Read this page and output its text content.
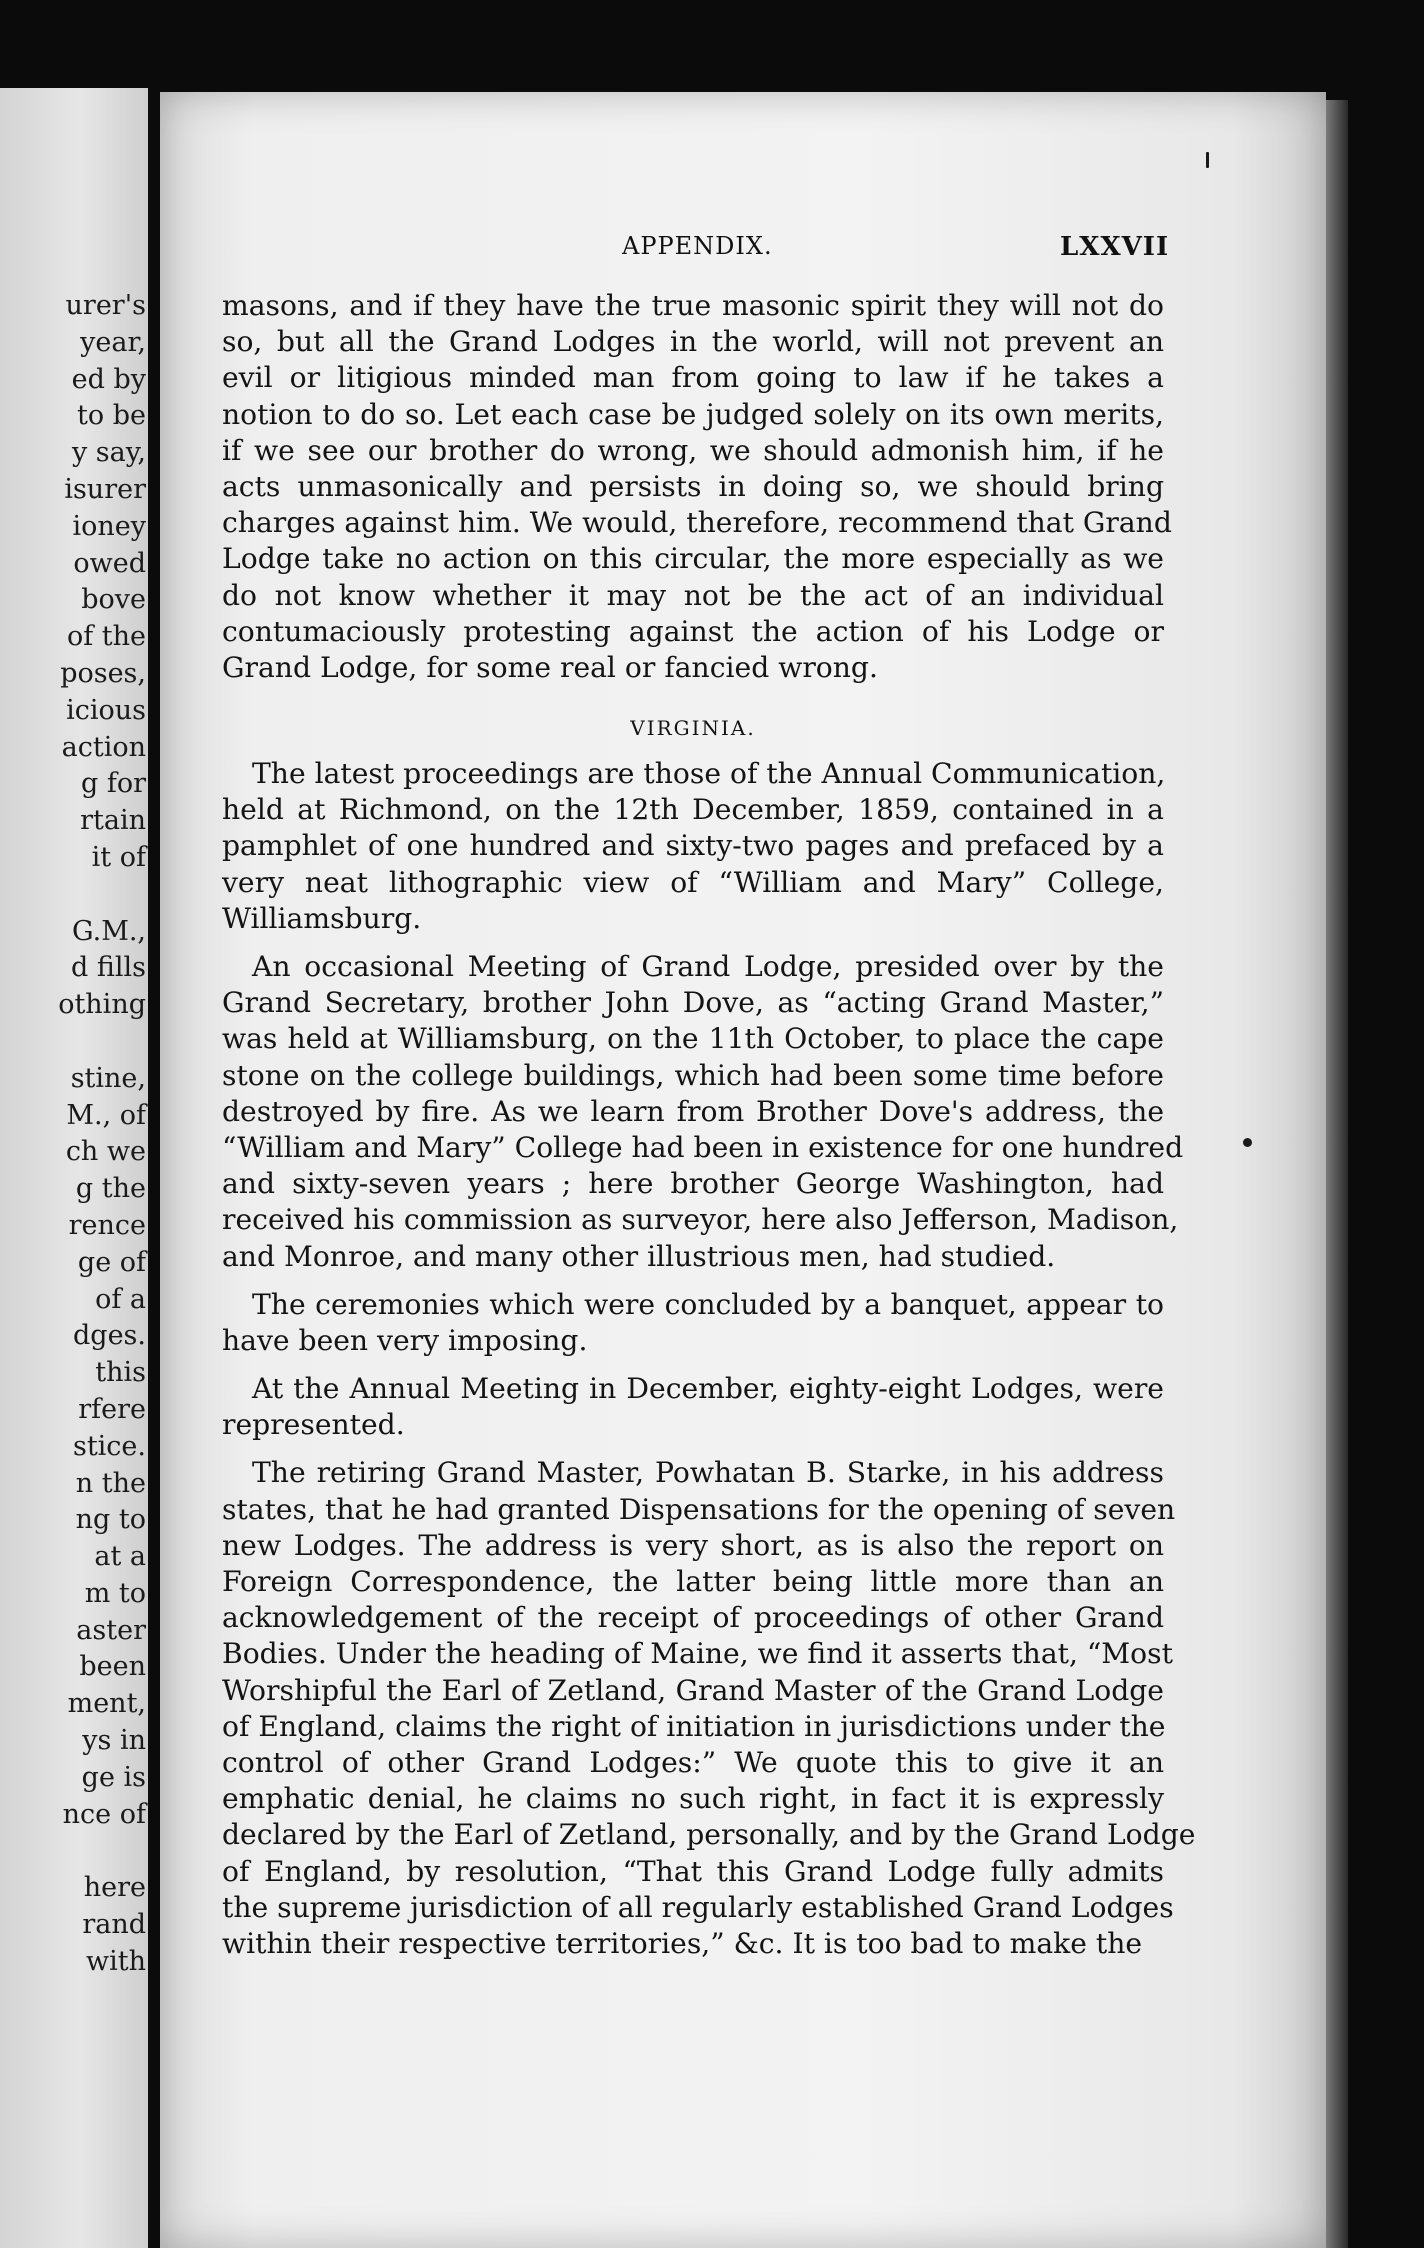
urer's
year,
ed by
to be
y say,
isurer
ioney
owed
bove
of the
poses,
icious
action
g for
rtain
it of
G.M.,
d fills
othing
stine,
M., of
ch we
g the
rence
ge of
of a
dges.
this
rfere
stice.
n the
ng to
at a
m to
aster
been
ment,
ys in
ge is
nce of
here
rand
with
APPENDIX.	LXXVII
masons, and if they have the true masonic spirit they will not do
so, but all the Grand Lodges in the world, will not prevent an
evil or litigious minded man from going to law if he takes a
notion to do so. Let each case be judged solely on its own merits,
if we see our brother do wrong, we should admonish him, if he
acts unmasonically and persists in doing so, we should bring
charges against him. We would, therefore, recommend that Grand
Lodge take no action on this circular, the more especially as we
do not know whether it may not be the act of an individual
contumaciously protesting against the action of his Lodge or
Grand Lodge, for some real or fancied wrong.
VIRGINIA.
The latest proceedings are those of the Annual Communication,
held at Richmond, on the 12th December, 1859, contained in a
pamphlet of one hundred and sixty-two pages and prefaced by a
very neat lithographic view of “William and Mary” College,
Williamsburg.
An occasional Meeting of Grand Lodge, presided over by the
Grand Secretary, brother John Dove, as “acting Grand Master,”
was held at Williamsburg, on the 11th October, to place the cape
stone on the college buildings, which had been some time before
destroyed by fire. As we learn from Brother Dove's address, the
“William and Mary” College had been in existence for one hundred
and sixty-seven years ; here brother George Washington, had
received his commission as surveyor, here also Jefferson, Madison,
and Monroe, and many other illustrious men, had studied.
The ceremonies which were concluded by a banquet, appear to
have been very imposing.
At the Annual Meeting in December, eighty-eight Lodges, were
represented.
The retiring Grand Master, Powhatan B. Starke, in his address
states, that he had granted Dispensations for the opening of seven
new Lodges. The address is very short, as is also the report on
Foreign Correspondence, the latter being little more than an
acknowledgement of the receipt of proceedings of other Grand
Bodies. Under the heading of Maine, we find it asserts that, “Most
Worshipful the Earl of Zetland, Grand Master of the Grand Lodge
of England, claims the right of initiation in jurisdictions under the
control of other Grand Lodges:” We quote this to give it an
emphatic denial, he claims no such right, in fact it is expressly
declared by the Earl of Zetland, personally, and by the Grand Lodge
of England, by resolution, “That this Grand Lodge fully admits
the supreme jurisdiction of all regularly established Grand Lodges
within their respective territories,” &c. It is too bad to make the
